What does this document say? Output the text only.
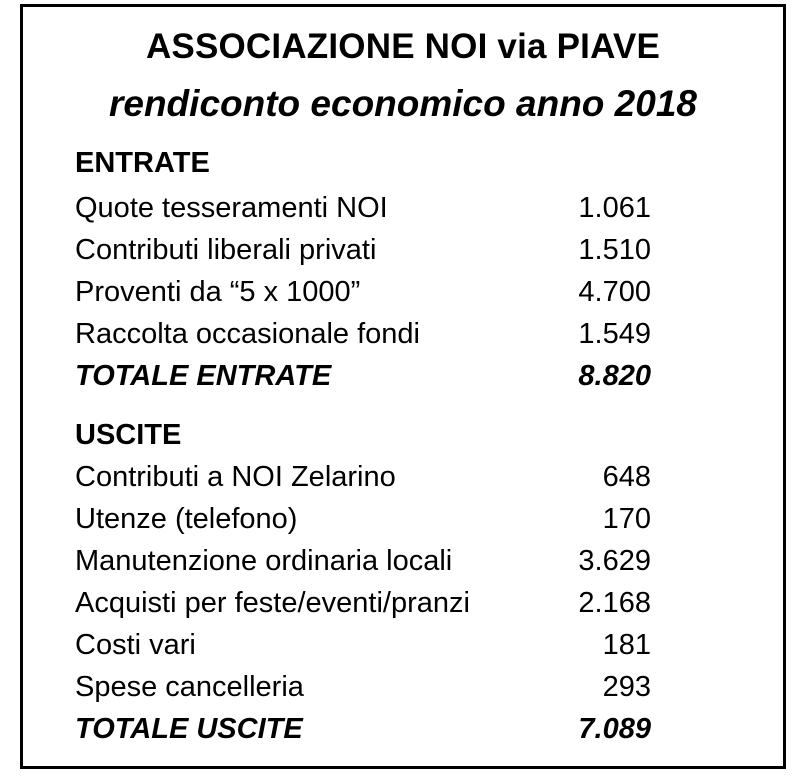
ASSOCIAZIONE NOI via PIAVE
rendiconto economico anno 2018
ENTRATE
Quote tesseramenti NOI	1.061
Contributi liberali privati	1.510
Proventi da “5 x 1000”	4.700
Raccolta occasionale fondi	1.549
TOTALE ENTRATE	8.820
USCITE
Contributi a NOI Zelarino	648
Utenze (telefono)	170
Manutenzione ordinaria locali	3.629
Acquisti per feste/eventi/pranzi	2.168
Costi vari	181
Spese cancelleria	293
TOTALE USCITE	7.089
